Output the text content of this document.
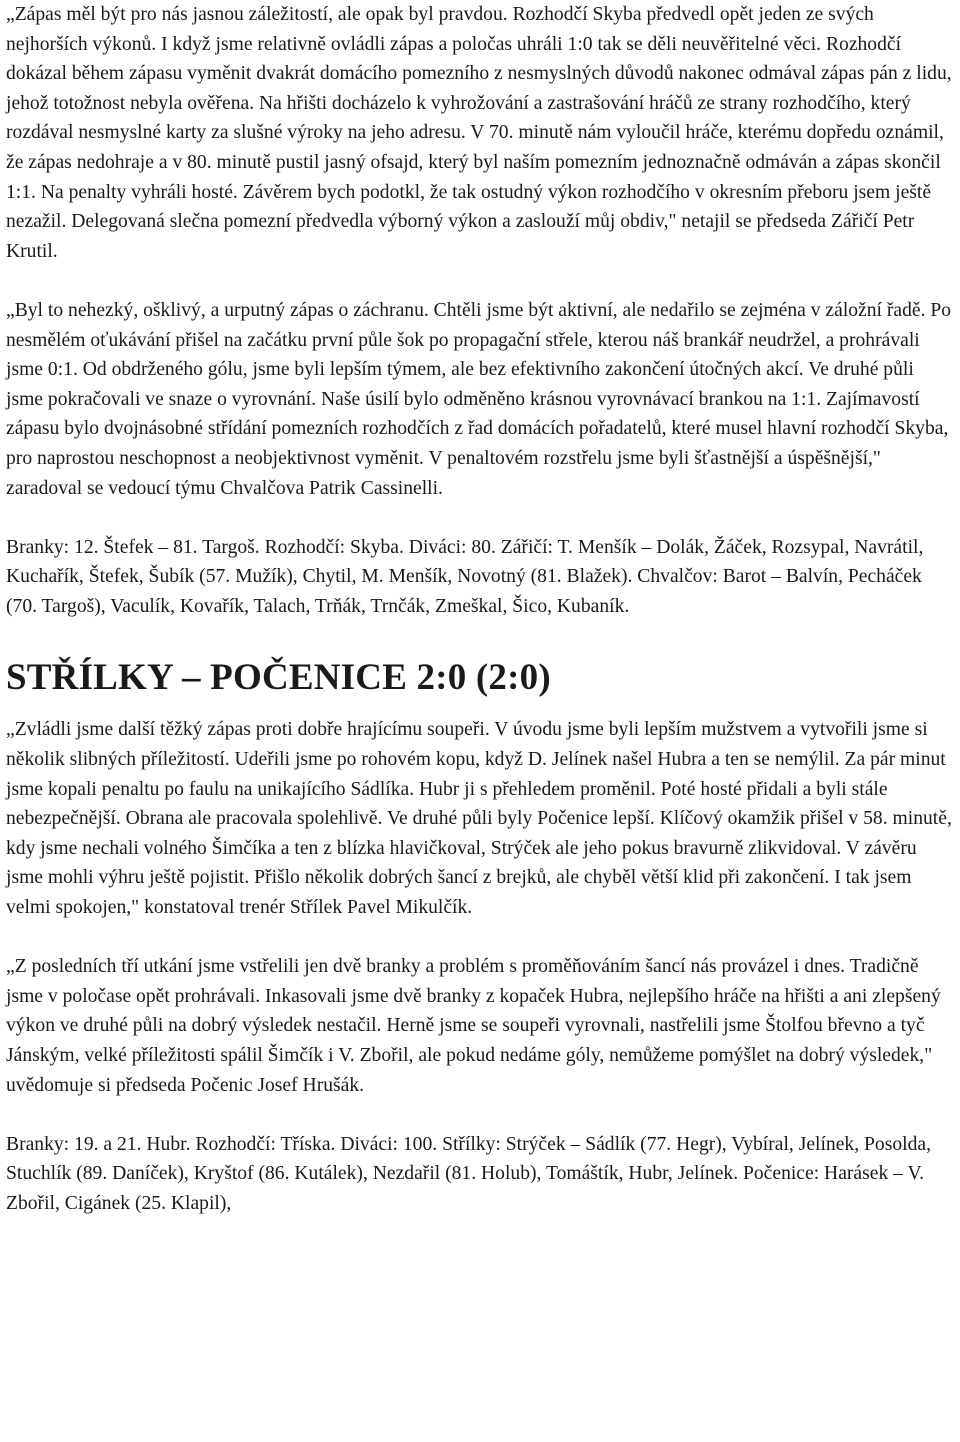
„Zápas měl být pro nás jasnou záležitostí, ale opak byl pravdou. Rozhodčí Skyba předvedl opět jeden ze svých nejhorších výkonů. I když jsme relativně ovládli zápas a poločas uhráli 1:0 tak se děli neuvěřitelné věci. Rozhodčí dokázal během zápasu vyměnit dvakrát domácího pomezního z nesmyslných důvodů nakonec odmával zápas pán z lidu, jehož totožnost nebyla ověřena. Na hřišti docházelo k vyhrožování a zastrašování hráčů ze strany rozhodčího, který rozdával nesmyslné karty za slušné výroky na jeho adresu. V 70. minutě nám vyloučil hráče, kterému dopředu oznámil, že zápas nedohraje a v 80. minutě pustil jasný ofsajd, který byl naším pomezním jednoznačně odmáván a zápas skončil 1:1. Na penalty vyhráli hosté. Závěrem bych podotkl, že tak ostudný výkon rozhodčího v okresním přeboru jsem ještě nezažil. Delegovaná slečna pomezní předvedla výborný výkon a zaslouží můj obdiv," netajil se předseda Zářičí Petr Krutil.

„Byl to nehezký, ošklivý, a urputný zápas o záchranu. Chtěli jsme být aktivní, ale nedařilo se zejména v záložní řadě. Po nesmělém oťukávání přišel na začátku první půle šok po propagační střele, kterou náš brankář neudržel, a prohrávali jsme 0:1. Od obdrženého gólu, jsme byli lepším týmem, ale bez efektivního zakončení útočných akcí. Ve druhé půli jsme pokračovali ve snaze o vyrovnání. Naše úsilí bylo odměněno krásnou vyrovnávací brankou na 1:1. Zajímavostí zápasu bylo dvojnásobné střídání pomezních rozhodčích z řad domácích pořadatelů, které musel hlavní rozhodčí Skyba, pro naprostou neschopnost a neobjektivnost vyměnit. V penaltovém rozstřelu jsme byli šťastnější a úspěšnější," zaradoval se vedoucí týmu Chvalčova Patrik Cassinelli.

Branky: 12. Štefek – 81. Targoš. Rozhodčí: Skyba. Diváci: 80. Zářičí: T. Menšík – Dolák, Žáček, Rozsypal, Navrátil, Kuchařík, Štefek, Šubík (57. Mužík), Chytil, M. Menšík, Novotný (81. Blažek). Chvalčov: Barot – Balvín, Pecháček (70. Targoš), Vaculík, Kovařík, Talach, Trňák, Trnčák, Zmeškal, Šico, Kubaník.

STŘÍLKY – POČENICE 2:0 (2:0)

„Zvládli jsme další těžký zápas proti dobře hrajícímu soupeři. V úvodu jsme byli lepším mužstvem a vytvořili jsme si několik slibných příležitostí. Udeřili jsme po rohovém kopu, když D. Jelínek našel Hubra a ten se nemýlil. Za pár minut jsme kopali penaltu po faulu na unikajícího Sádlíka. Hubr ji s přehledem proměnil. Poté hosté přidali a byli stále nebezpečnější. Obrana ale pracovala spolehlivě. Ve druhé půli byly Počenice lepší. Klíčový okamžik přišel v 58. minutě, kdy jsme nechali volného Šimčíka a ten z blízka hlavičkoval, Strýček ale jeho pokus bravurně zlikvidoval. V závěru jsme mohli výhru ještě pojistit. Přišlo několik dobrých šancí z brejků, ale chyběl větší klid při zakončení. I tak jsem velmi spokojen," konstatoval trenér Střílek Pavel Mikulčík.

„Z posledních tří utkání jsme vstřelili jen dvě branky a problém s proměňováním šancí nás provázel i dnes. Tradičně jsme v poločase opět prohrávali. Inkasovali jsme dvě branky z kopaček Hubra, nejlepšího hráče na hřišti a ani zlepšený výkon ve druhé půli na dobrý výsledek nestačil. Herně jsme se soupeři vyrovnali, nastřelili jsme Štolfou břevno a tyč Jánským, velké příležitosti spálil Šimčík i V. Zbořil, ale pokud nedáme góly, nemůžeme pomýšlet na dobrý výsledek," uvědomuje si předseda Počenic Josef Hrušák.

Branky: 19. a 21. Hubr. Rozhodčí: Tříska. Diváci: 100. Střílky: Strýček – Sádlík (77. Hegr), Vybíral, Jelínek, Posolda, Stuchlík (89. Daníček), Kryštof (86. Kutálek), Nezdařil (81. Holub), Tomáštík, Hubr, Jelínek. Počenice: Harásek – V. Zbořil, Cigánek (25. Klapil),
